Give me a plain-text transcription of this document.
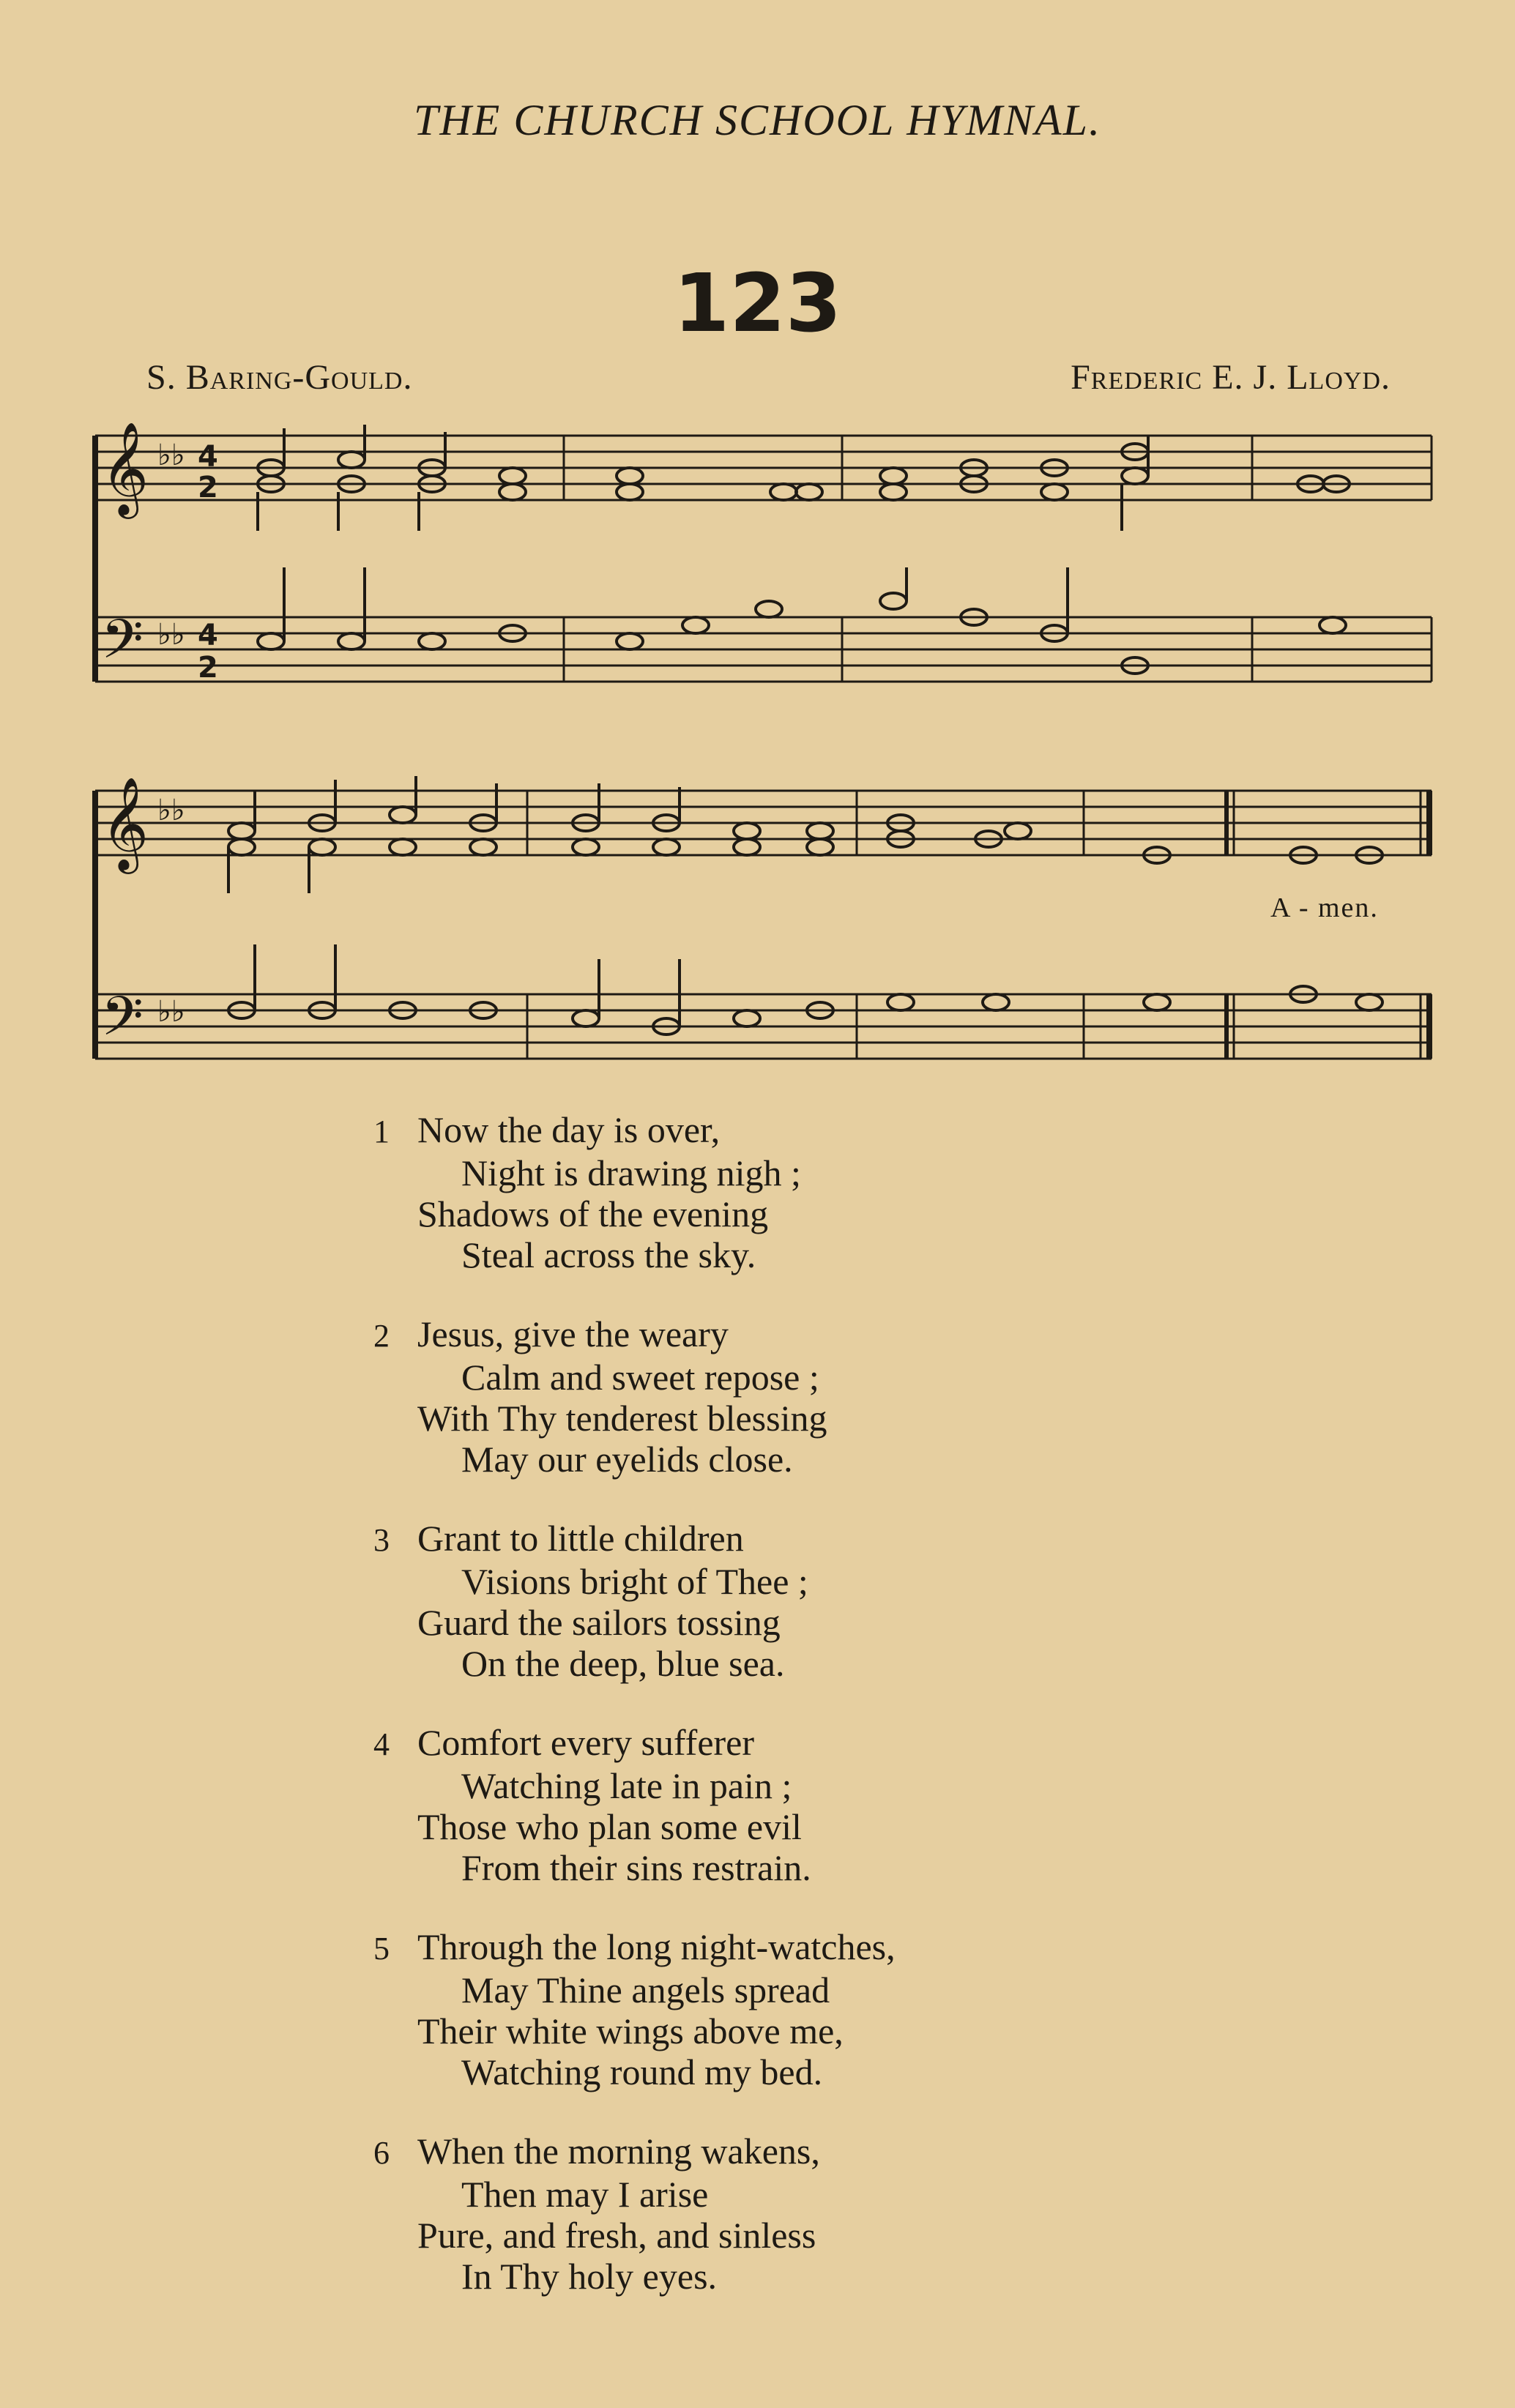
THE CHURCH SCHOOL HYMNAL.
123
S. Baring-Gould.	Frederic E. J. Lloyd.
𝄞
𝄢
♭♭
♭♭
4
2
4
2
𝄞
𝄢
♭♭
♭♭
A - men.
1 Now the day is over,
Night is drawing nigh ;
Shadows of the evening
Steal across the sky.
2 Jesus, give the weary
Calm and sweet repose ;
With Thy tenderest blessing
May our eyelids close.
3 Grant to little children
Visions bright of Thee ;
Guard the sailors tossing
On the deep, blue sea.
4 Comfort every sufferer
Watching late in pain ;
Those who plan some evil
From their sins restrain.
5 Through the long night-watches,
May Thine angels spread
Their white wings above me,
Watching round my bed.
6 When the morning wakens,
Then may I arise
Pure, and fresh, and sinless
In Thy holy eyes.
